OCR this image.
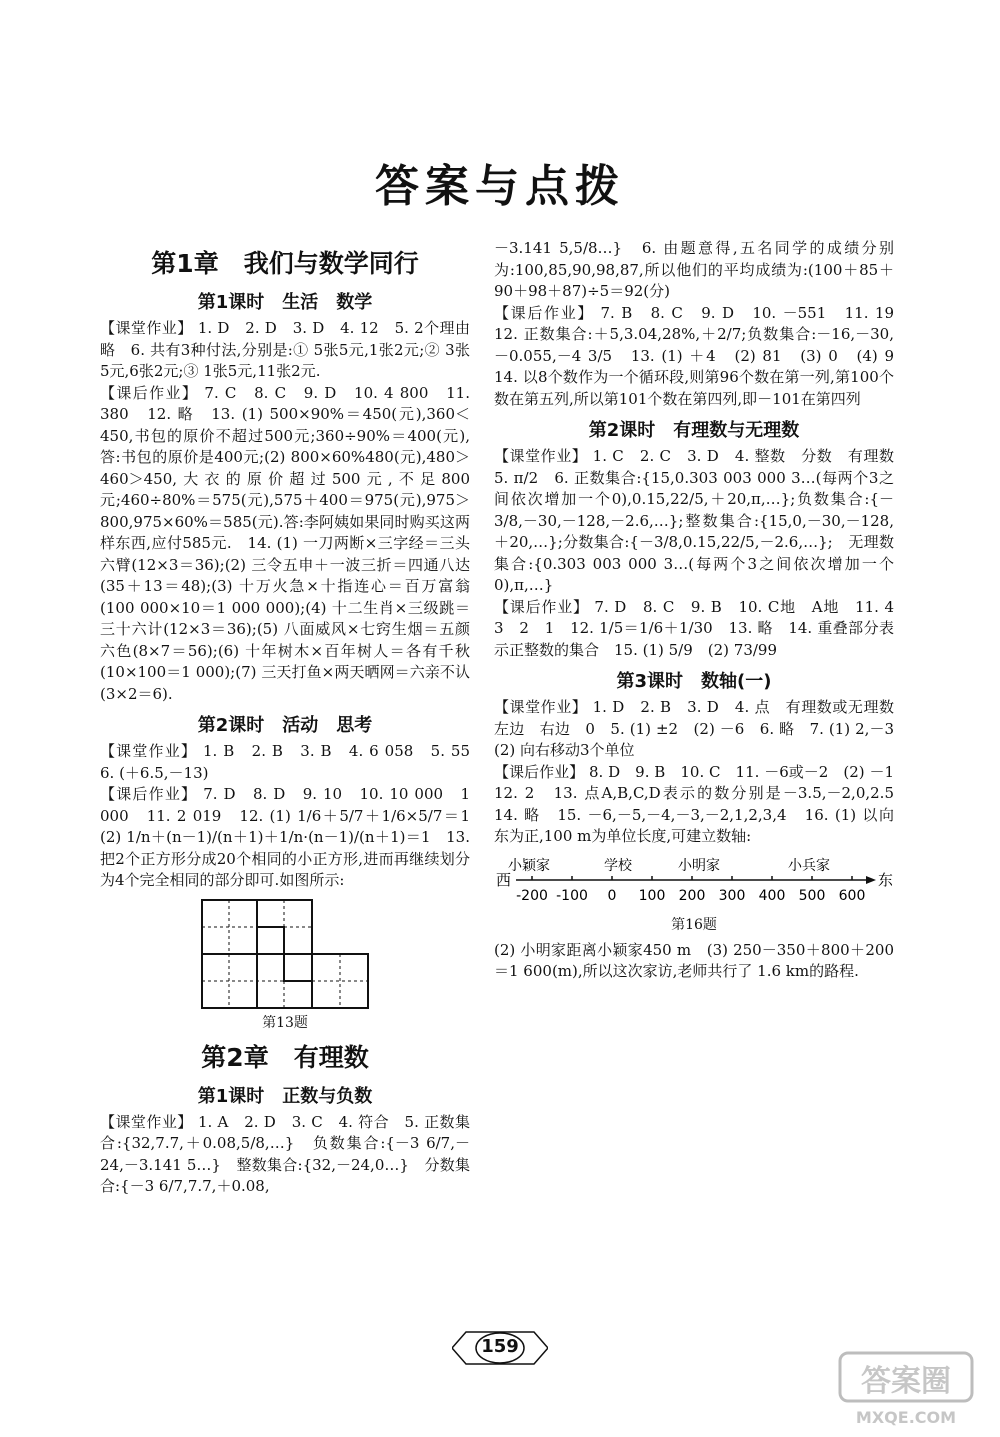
答案与点拨
第1章　我们与数学同行
第1课时　生活　数学

【课堂作业】 1. D　2. D　3. D　4. 12　5. 2个理由略　6. 共有3种付法,分别是:① 5张5元,1张2元;② 3张5元,6张2元;③ 1张5元,11张2元.

【课后作业】 7. C　8. C　9. D　10. 4 800　11. 380　12. 略　13. (1) 500×90%＝450(元),360＜450,书包的原价不超过500元;360÷90%＝400(元),答:书包的原价是400元;(2) 800×60%480(元),480＞460＞450,大衣的原价超过500元,不足800元;460÷80%＝575(元),575＋400＝975(元),975＞800,975×60%＝585(元).答:李阿姨如果同时购买这两样东西,应付585元.　14. (1) 一刀两断×三字经＝三头六臂(12×3＝36);(2) 三令五申＋一波三折＝四通八达(35＋13＝48);(3) 十万火急×十指连心＝百万富翁(100 000×10＝1 000 000);(4) 十二生肖×三级跳＝三十六计(12×3＝36);(5) 八面威风×七窍生烟＝五颜六色(8×7＝56);(6) 十年树木×百年树人＝各有千秋(10×100＝1 000);(7) 三天打鱼×两天晒网＝六亲不认(3×2＝6).

第2课时　活动　思考

【课堂作业】 1. B　2. B　3. B　4. 6 058　5. 55　6. (＋6.5,－13)

【课后作业】 7. D　8. D　9. 10　10. 10 000　1 000　11. 2 019　12. (1) 1/6＋5/7＋1/6×5/7＝1　(2) 1/n＋(n－1)/(n＋1)＋1/n·(n－1)/(n＋1)＝1　13. 把2个正方形分成20个相同的小正方形,进而再继续划分为4个完全相同的部分即可.如图所示:

第13题
第2章　有理数
第1课时　正数与负数

【课堂作业】 1. A　2. D　3. C　4. 符合　5. 正数集合:{32,7.7,＋0.08,5/8,…}　负数集合:{－3 6/7,－24,－3.141 5…}　整数集合:{32,－24,0…}　分数集合:{－3 6/7,7.7,＋0.08,

－3.141 5,5/8…}　6. 由题意得,五名同学的成绩分别为:100,85,90,98,87,所以他们的平均成绩为:(100＋85＋90＋98＋87)÷5＝92(分)

【课后作业】 7. B　8. C　9. D　10. －551　11. 19　12. 正数集合:＋5,3.04,28%,＋2/7;负数集合:－16,－30,－0.055,－4 3/5　13. (1) ＋4　(2) 81　(3) 0　(4) 9　14. 以8个数作为一个循环段,则第96个数在第一列,第100个数在第五列,所以第101个数在第四列,即－101在第四列

第2课时　有理数与无理数

【课堂作业】 1. C　2. C　3. D　4. 整数　分数　有理数　5. π/2　6. 正数集合:{15,0.303 003 000 3…(每两个3之间依次增加一个0),0.15,22/5,＋20,π,…};负数集合:{－3/8,－30,－128,－2.6,…};整数集合:{15,0,－30,－128,＋20,…};分数集合:{－3/8,0.15,22/5,－2.6,…};　无理数集合:{0.303 003 000 3…(每两个3之间依次增加一个0),π,…}

【课后作业】 7. D　8. C　9. B　10. C地　A地　11. 4　3　2　1　12. 1/5＝1/6＋1/30　13. 略　14. 重叠部分表示正整数的集合　15. (1) 5/9　(2) 73/99

第3课时　数轴(一)

【课堂作业】 1. D　2. B　3. D　4. 点　有理数或无理数　左边　右边　0　5. (1) ±2　(2) －6　6. 略　7. (1) 2,－3　(2) 向右移动3个单位

【课后作业】 8. D　9. B　10. C　11. －6或－2　(2) －1　12. 2　13. 点A,B,C,D表示的数分别是－3.5,－2,0,2.5　14. 略　15. －6,－5,－4,－3,－2,1,2,3,4　16. (1) 以向东为正,100 m为单位长度,可建立数轴:

西	东
-200 -100 0 100 200 300 400 500 600
小颖家	学校	小明家	小兵家
第16题

(2) 小明家距离小颖家450 m　(3) 250－350＋800＋200＝1 600(m),所以这次家访,老师共行了 1.6 km的路程.

159
答案圈
MXQE.COM
